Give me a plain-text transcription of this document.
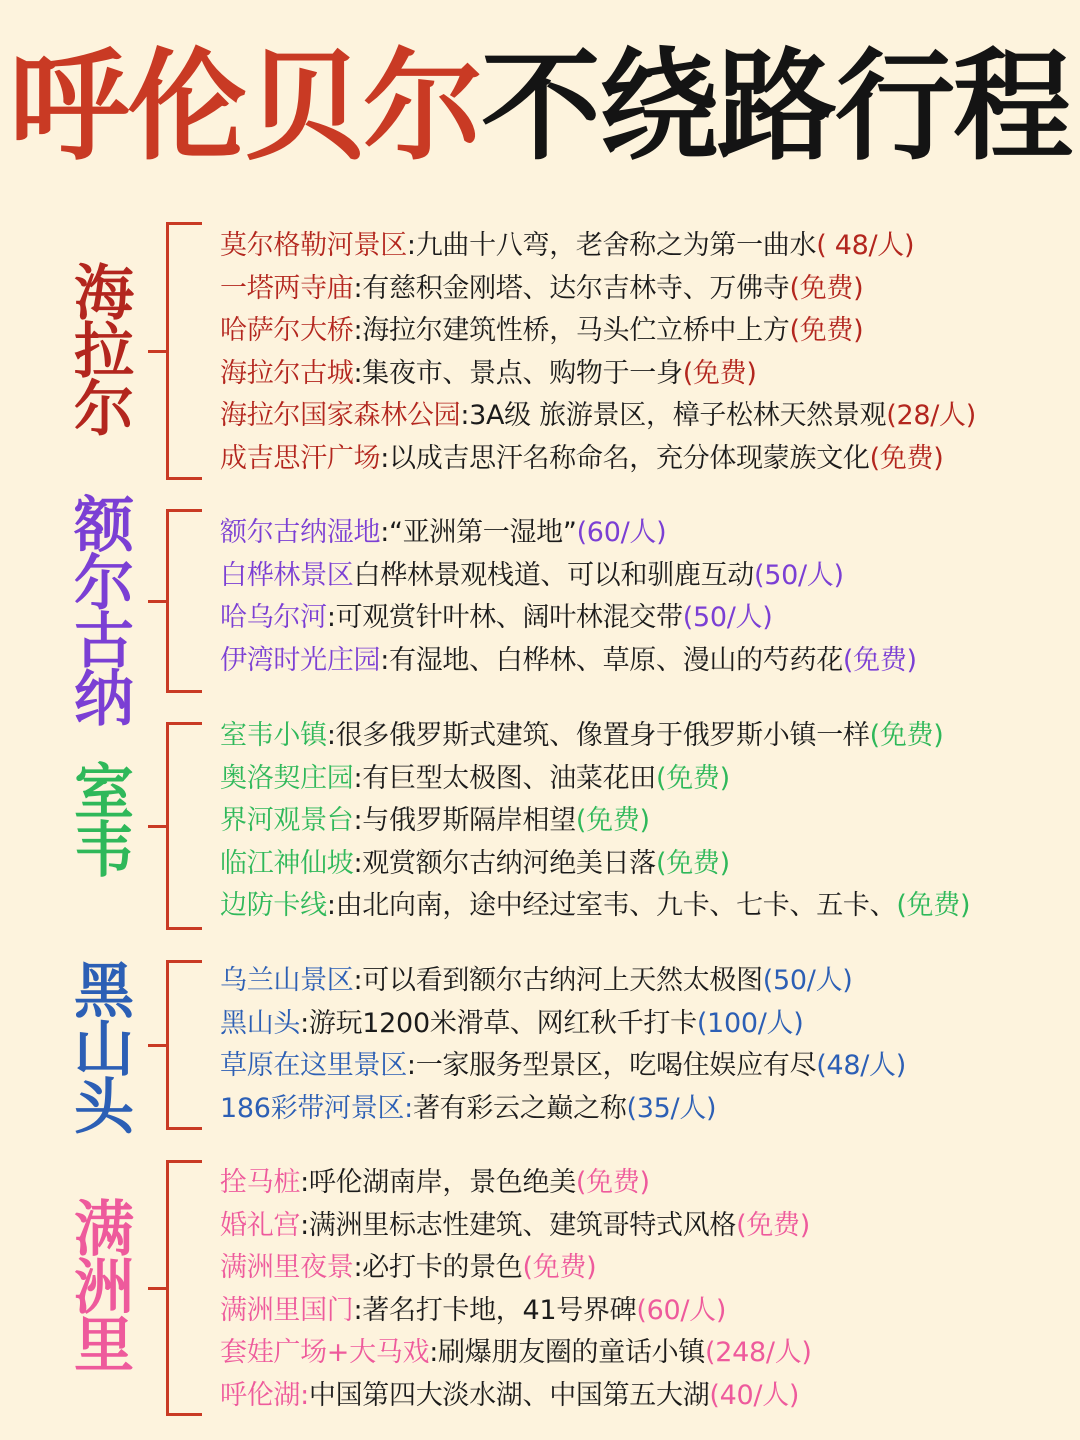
呼伦贝尔不绕路行程
海
拉
尔
莫尔格勒河景区:九曲十八弯，老舍称之为第一曲水( 48/人)
一塔两寺庙:有慈积金刚塔、达尔吉林寺、万佛寺(免费)
哈萨尔大桥:海拉尔建筑性桥，马头伫立桥中上方(免费)
海拉尔古城:集夜市、景点、购物于一身(免费)
海拉尔国家森林公园:3A级 旅游景区，樟子松林天然景观(28/人)
成吉思汗广场:以成吉思汗名称命名，充分体现蒙族文化(免费)
额
尔
古
纳
额尔古纳湿地:“亚洲第一湿地”(60/人)
白桦林景区白桦林景观栈道、可以和驯鹿互动(50/人)
哈乌尔河:可观赏针叶林、阔叶林混交带(50/人)
伊湾时光庄园:有湿地、白桦林、草原、漫山的芍药花(免费)
室
韦
室韦小镇:很多俄罗斯式建筑、像置身于俄罗斯小镇一样(免费)
奥洛契庄园:有巨型太极图、油菜花田(免费)
界河观景台:与俄罗斯隔岸相望(免费)
临江神仙坡:观赏额尔古纳河绝美日落(免费)
边防卡线:由北向南，途中经过室韦、九卡、七卡、五卡、(免费)
黑
山
头
乌兰山景区:可以看到额尔古纳河上天然太极图(50/人)
黑山头:游玩1200米滑草、网红秋千打卡(100/人)
草原在这里景区:一家服务型景区，吃喝住娱应有尽(48/人)
186彩带河景区:著有彩云之巅之称(35/人)
满
洲
里
拴马桩:呼伦湖南岸，景色绝美(免费)
婚礼宫:满洲里标志性建筑、建筑哥特式风格(免费)
满洲里夜景:必打卡的景色(免费)
满洲里国门:著名打卡地，41号界碑(60/人)
套娃广场+大马戏:刷爆朋友圈的童话小镇(248/人)
呼伦湖:中国第四大淡水湖、中国第五大湖(40/人)
